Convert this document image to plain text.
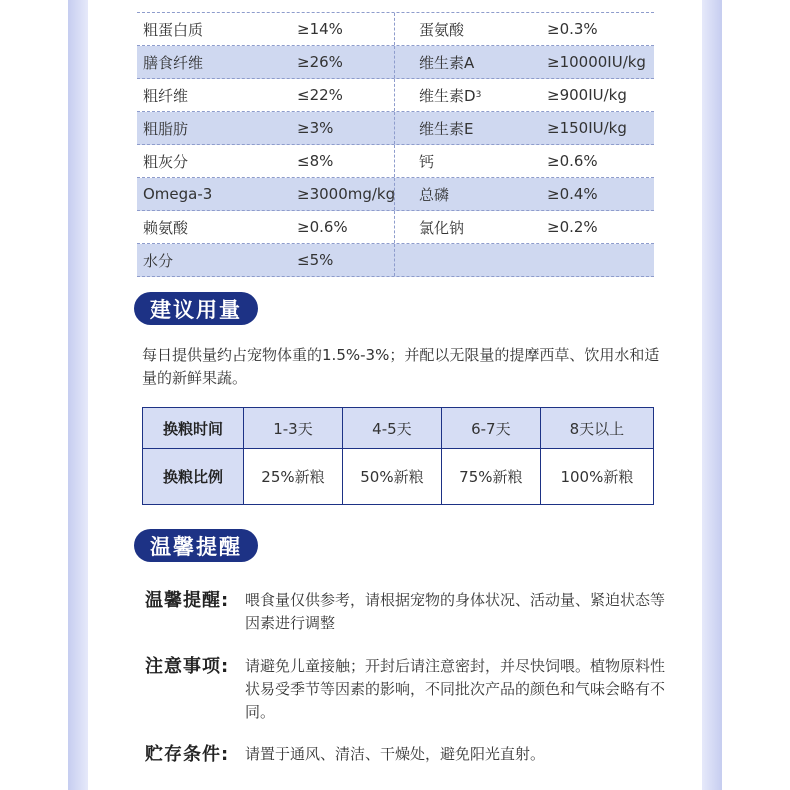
粗蛋白质	≥14%	蛋氨酸	≥0.3%
膳食纤维	≥26%	维生素A	≥10000IU/kg
粗纤维	≤22%	维生素D 3	≥900IU/kg
粗脂肪	≥3%	维生素E	≥150IU/kg
粗灰分	≤8%	钙	≥0.6%
Omega-3	≥3000mg/kg	总磷	≥0.4%
赖氨酸	≥0.6%	氯化钠	≥0.2%
水分	≤5%
建议用量
每日提供量约占宠物体重的1.5%-3%；并配以无限量的提摩西草、饮用水和适量的新鲜果蔬。
换粮时间	1-3天	4-5天	6-7天	8天以上
换粮比例	25%新粮	50%新粮	75%新粮	100%新粮
温馨提醒
温馨提醒:	喂食量仅供参考，请根据宠物的身体状况、活动量、紧迫状态等因素进行调整
注意事项:	请避免儿童接触；开封后请注意密封，并尽快饲喂。植物原料性状易受季节等因素的影响，不同批次产品的颜色和气味会略有不同。
贮存条件:	请置于通风、清洁、干燥处，避免阳光直射。
